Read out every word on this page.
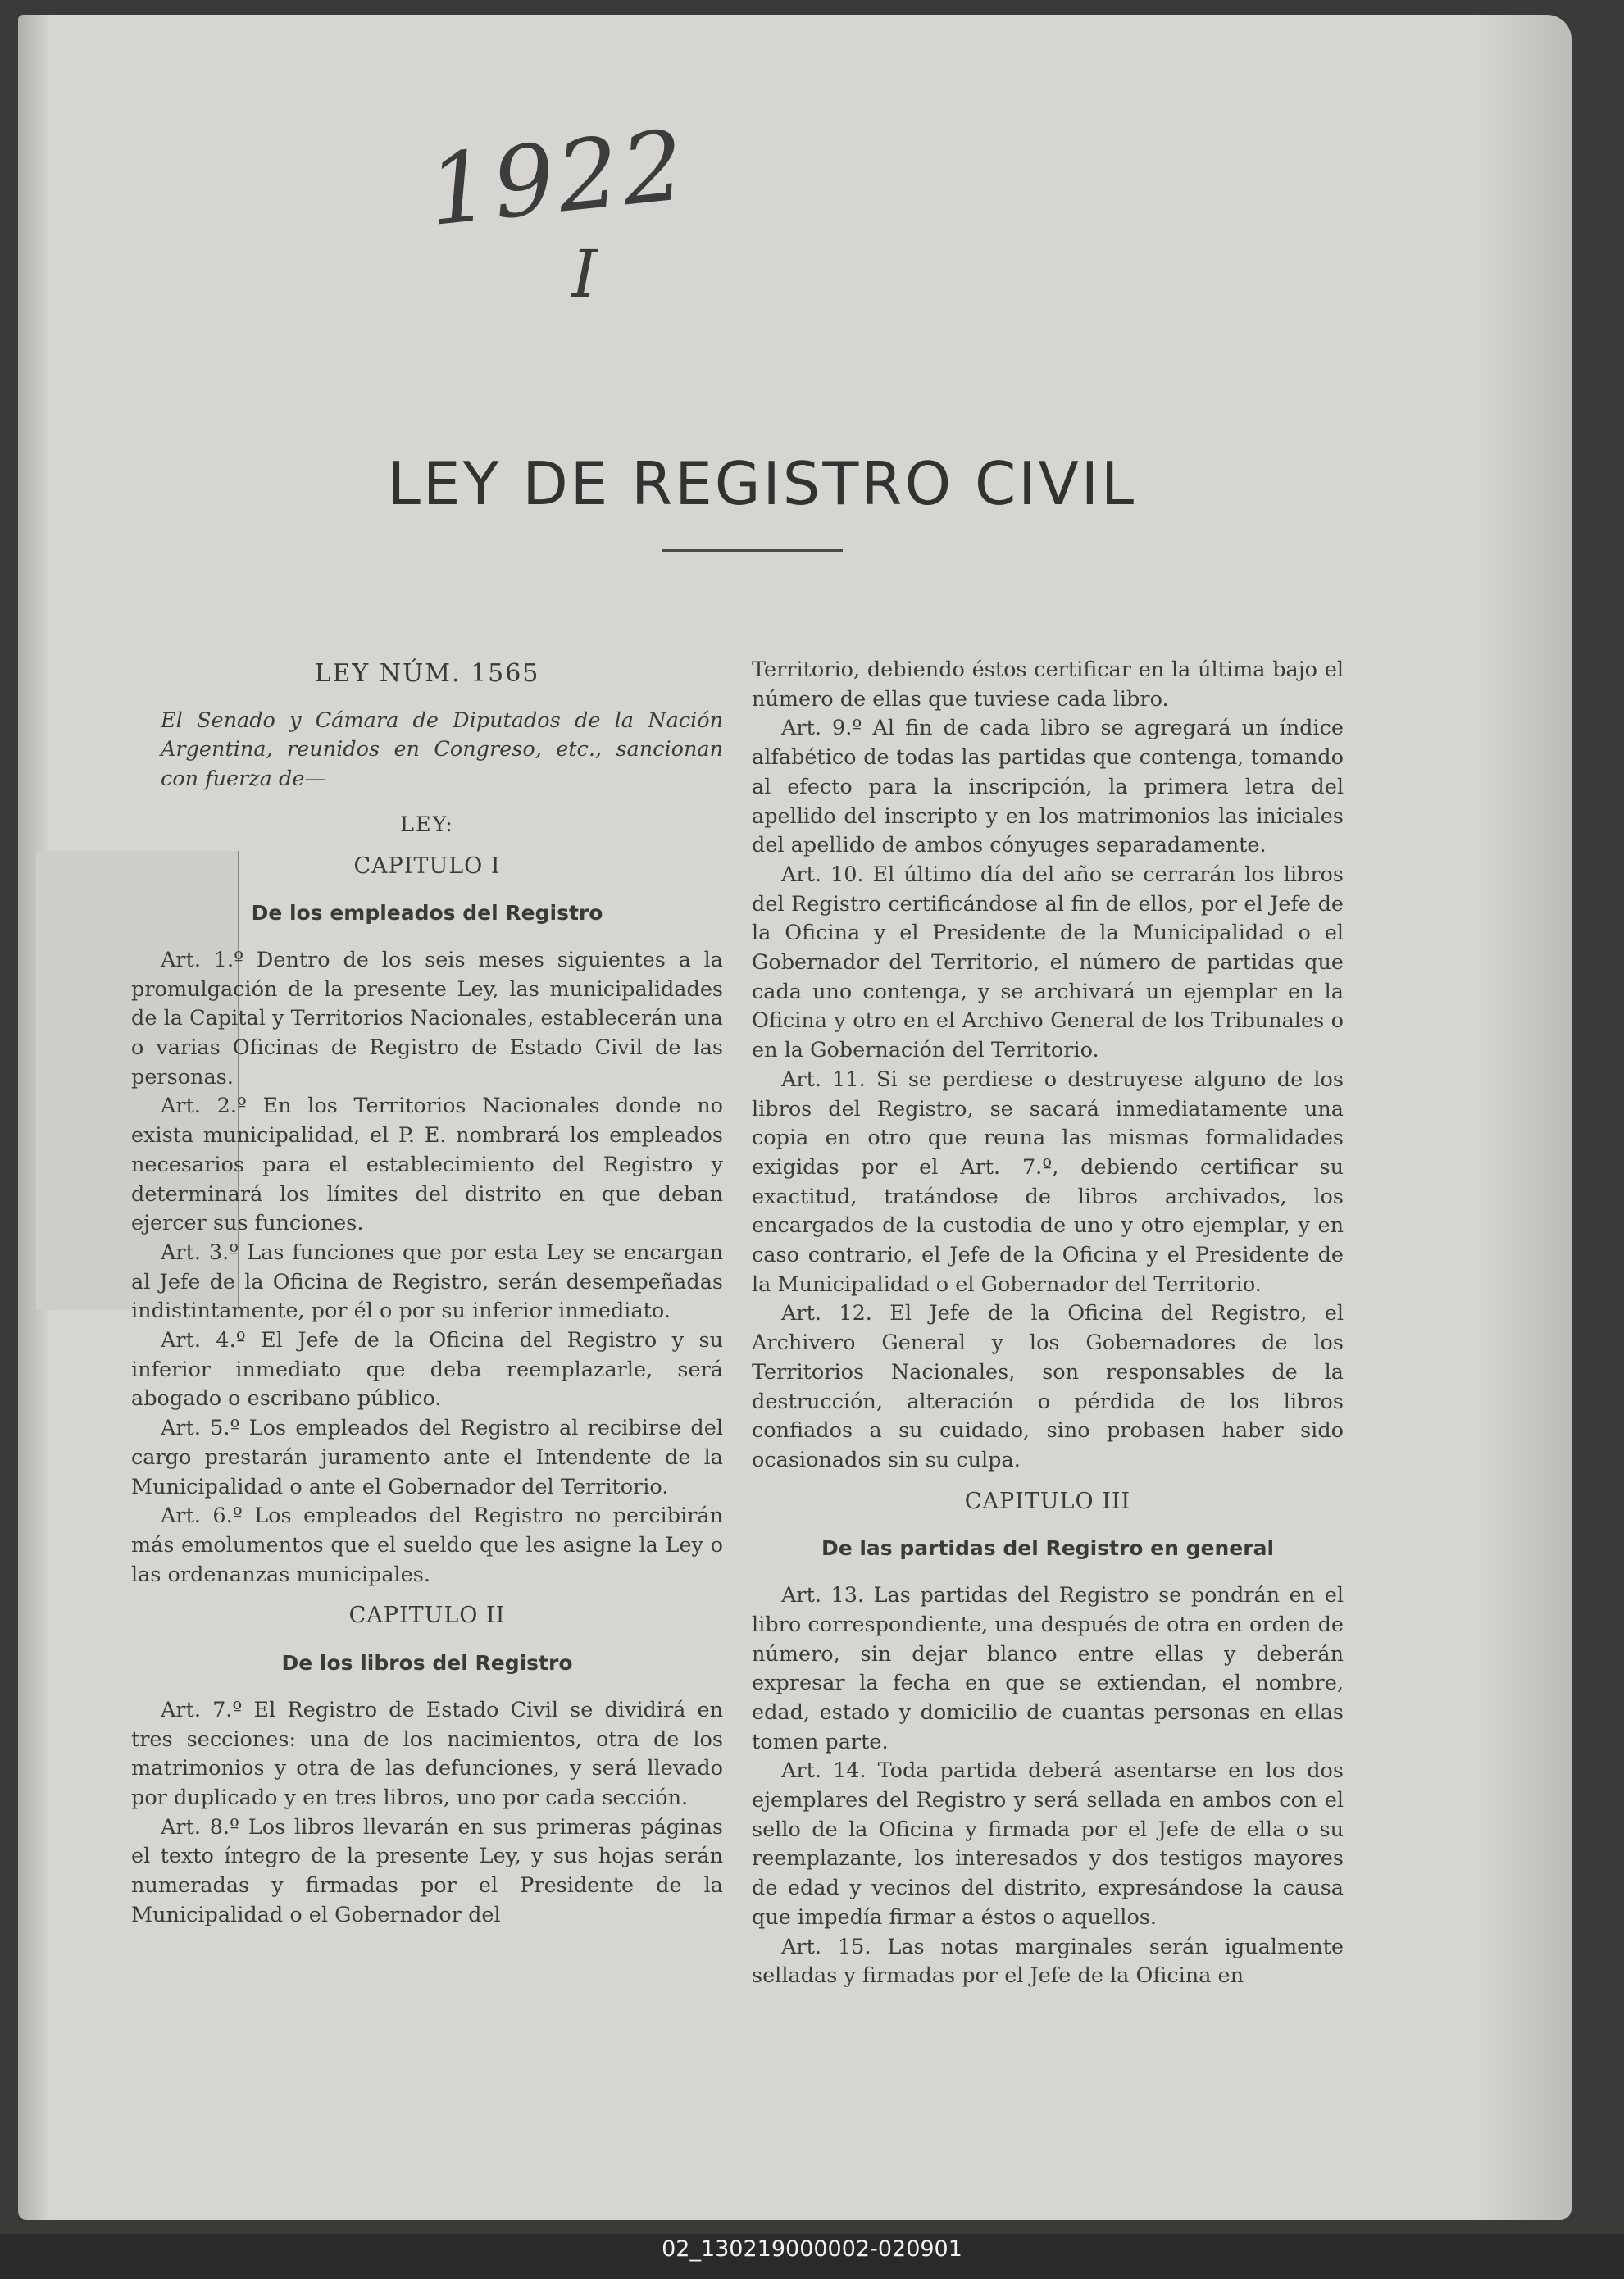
1922
I
LEY DE REGISTRO CIVIL

LEY NÚM. 1565

El Senado y Cámara de Diputados de la Nación Argentina, reunidos en Congreso, etc., sancionan con fuerza de—

LEY:

CAPITULO I

De los empleados del Registro

Art. 1.º Dentro de los seis meses siguientes a la promulgación de la presente Ley, las municipalidades de la Capital y Territorios Nacionales, establecerán una o varias Oficinas de Registro de Estado Civil de las personas.

Art. 2.º En los Territorios Nacionales donde no exista municipalidad, el P. E. nombrará los empleados necesarios para el establecimiento del Registro y determinará los límites del distrito en que deban ejercer sus funciones.

Art. 3.º Las funciones que por esta Ley se encargan al Jefe de la Oficina de Registro, serán desempeñadas indistintamente, por él o por su inferior inmediato.

Art. 4.º El Jefe de la Oficina del Registro y su inferior inmediato que deba reemplazarle, será abogado o escribano público.

Art. 5.º Los empleados del Registro al recibirse del cargo prestarán juramento ante el Intendente de la Municipalidad o ante el Gobernador del Territorio.

Art. 6.º Los empleados del Registro no percibirán más emolumentos que el sueldo que les asigne la Ley o las ordenanzas municipales.

CAPITULO II

De los libros del Registro

Art. 7.º El Registro de Estado Civil se dividirá en tres secciones: una de los nacimientos, otra de los matrimonios y otra de las defunciones, y será llevado por duplicado y en tres libros, uno por cada sección.

Art. 8.º Los libros llevarán en sus primeras páginas el texto íntegro de la presente Ley, y sus hojas serán numeradas y firmadas por el Presidente de la Municipalidad o el Gobernador del

Territorio, debiendo éstos certificar en la última bajo el número de ellas que tuviese cada libro.

Art. 9.º Al fin de cada libro se agregará un índice alfabético de todas las partidas que contenga, tomando al efecto para la inscripción, la primera letra del apellido del inscripto y en los matrimonios las iniciales del apellido de ambos cónyuges separadamente.

Art. 10. El último día del año se cerrarán los libros del Registro certificándose al fin de ellos, por el Jefe de la Oficina y el Presidente de la Municipalidad o el Gobernador del Territorio, el número de partidas que cada uno contenga, y se archivará un ejemplar en la Oficina y otro en el Archivo General de los Tribunales o en la Gobernación del Territorio.

Art. 11. Si se perdiese o destruyese alguno de los libros del Registro, se sacará inmediatamente una copia en otro que reuna las mismas formalidades exigidas por el Art. 7.º, debiendo certificar su exactitud, tratándose de libros archivados, los encargados de la custodia de uno y otro ejemplar, y en caso contrario, el Jefe de la Oficina y el Presidente de la Municipalidad o el Gobernador del Territorio.

Art. 12. El Jefe de la Oficina del Registro, el Archivero General y los Gobernadores de los Territorios Nacionales, son responsables de la destrucción, alteración o pérdida de los libros confiados a su cuidado, sino probasen haber sido ocasionados sin su culpa.

CAPITULO III

De las partidas del Registro en general

Art. 13. Las partidas del Registro se pondrán en el libro correspondiente, una después de otra en orden de número, sin dejar blanco entre ellas y deberán expresar la fecha en que se extiendan, el nombre, edad, estado y domicilio de cuantas personas en ellas tomen parte.

Art. 14. Toda partida deberá asentarse en los dos ejemplares del Registro y será sellada en ambos con el sello de la Oficina y firmada por el Jefe de ella o su reemplazante, los interesados y dos testigos mayores de edad y vecinos del distrito, expresándose la causa que impedía firmar a éstos o aquellos.

Art. 15. Las notas marginales serán igualmente selladas y firmadas por el Jefe de la Oficina en

02_130219000002-020901
